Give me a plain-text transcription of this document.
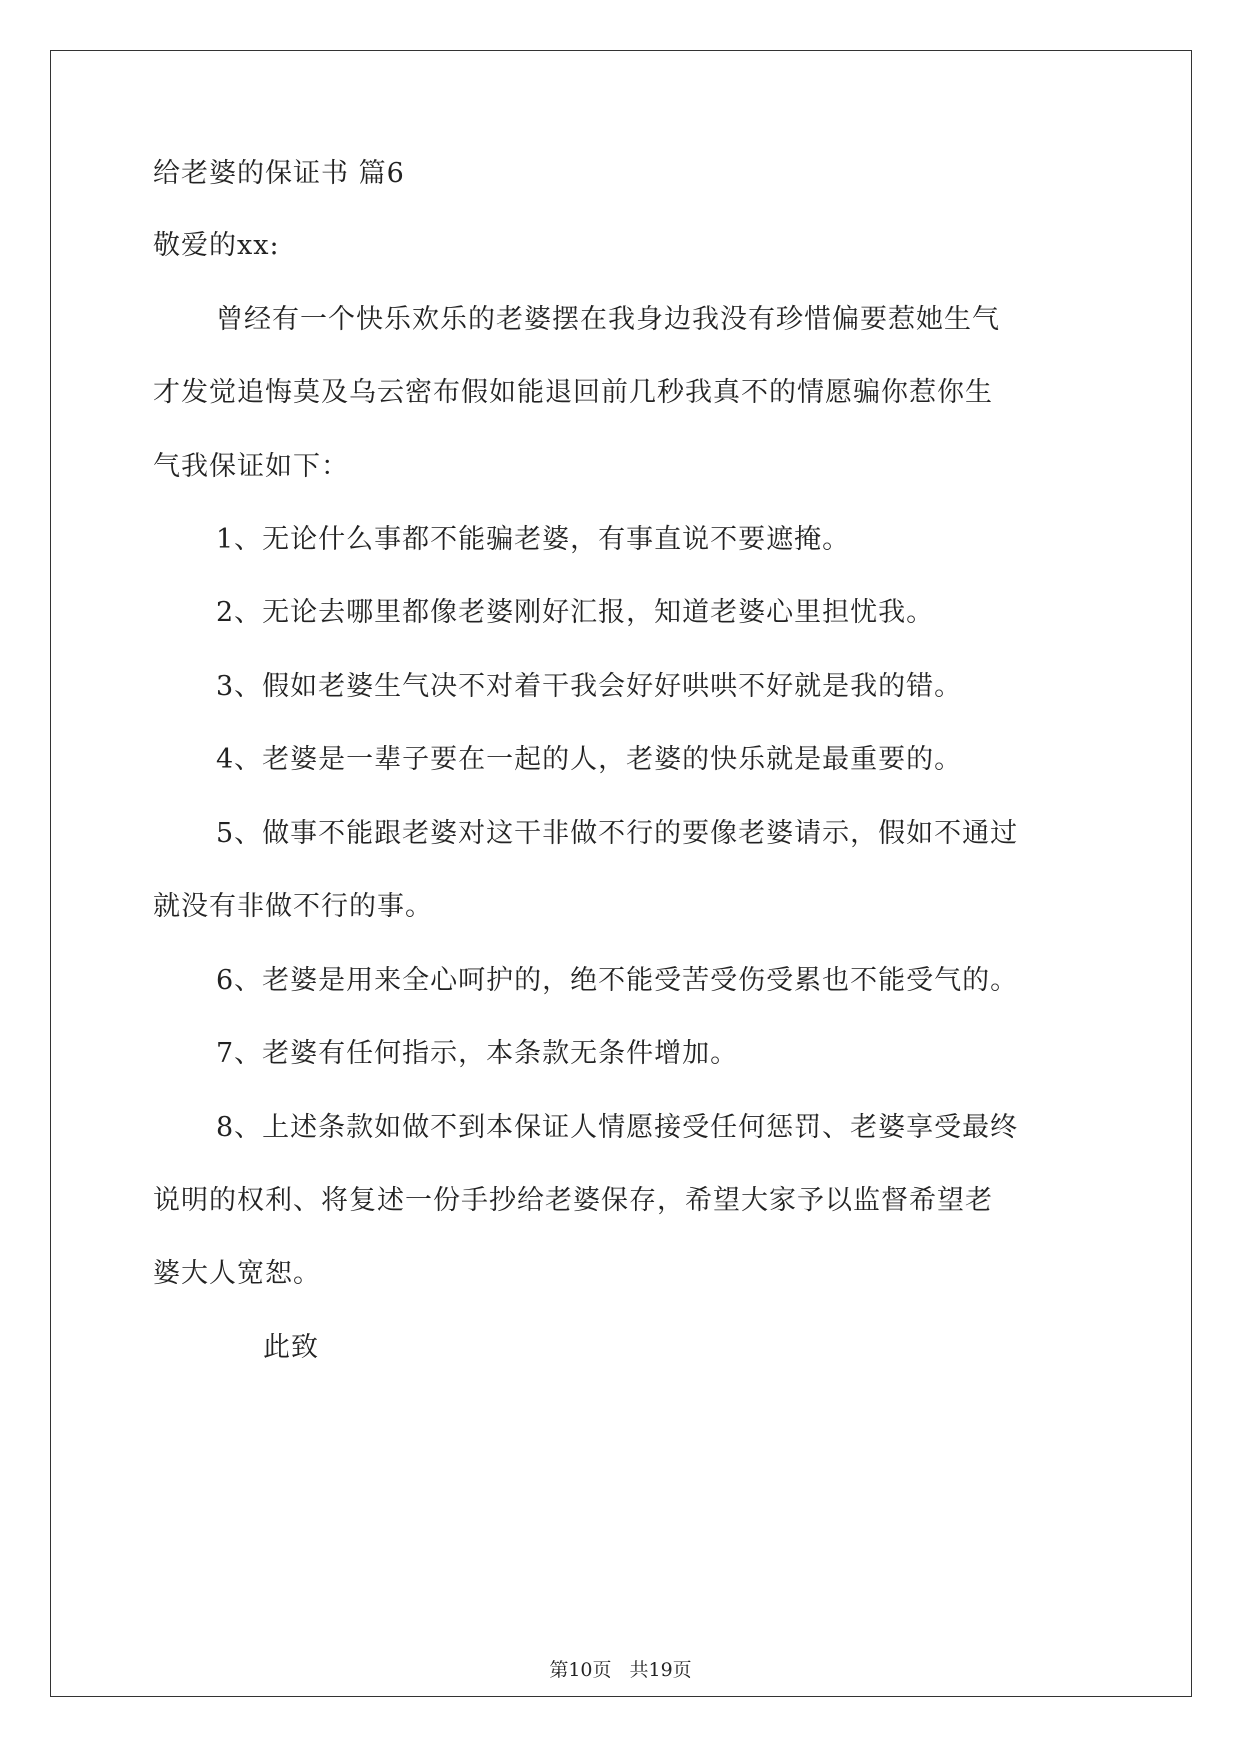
给老婆的保证书 篇6
敬爱的xx:
曾经有一个快乐欢乐的老婆摆在我身边我没有珍惜偏要惹她生气
才发觉追悔莫及乌云密布假如能退回前几秒我真不的情愿骗你惹你生
气我保证如下：
1、无论什么事都不能骗老婆，有事直说不要遮掩。
2、无论去哪里都像老婆刚好汇报，知道老婆心里担忧我。
3、假如老婆生气决不对着干我会好好哄哄不好就是我的错。
4、老婆是一辈子要在一起的人，老婆的快乐就是最重要的。
5、做事不能跟老婆对这干非做不行的要像老婆请示，假如不通过
就没有非做不行的事。
6、老婆是用来全心呵护的，绝不能受苦受伤受累也不能受气的。
7、老婆有任何指示，本条款无条件增加。
8、上述条款如做不到本保证人情愿接受任何惩罚、老婆享受最终
说明的权利、将复述一份手抄给老婆保存，希望大家予以监督希望老
婆大人宽恕。
此致
第10页 共19页
